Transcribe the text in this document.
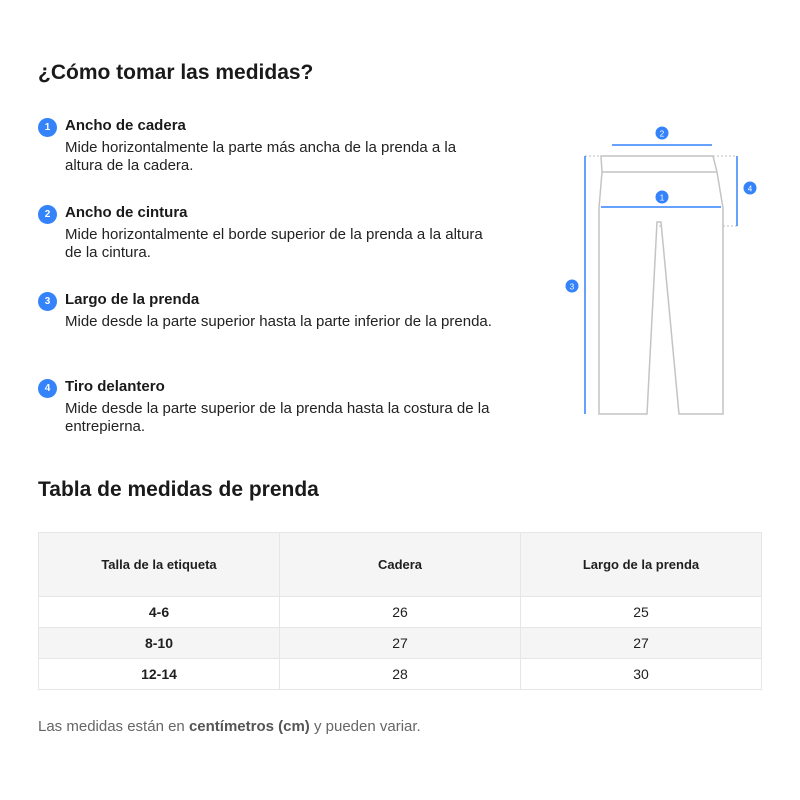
¿Cómo tomar las medidas?
1 Ancho de cadera
Mide horizontalmente la parte más ancha de la prenda a la altura de la cadera.
2 Ancho de cintura
Mide horizontalmente el borde superior de la prenda a la altura de la cintura.
3 Largo de la prenda
Mide desde la parte superior hasta la parte inferior de la prenda.
4 Tiro delantero
Mide desde la parte superior de la prenda hasta la costura de la entrepierna.
2
1
3
4
Tabla de medidas de prenda
Talla de la etiqueta	Cadera	Largo de la prenda
4-6	26	25
8-10	27	27
12-14	28	30
Las medidas están en centímetros (cm) y pueden variar.
